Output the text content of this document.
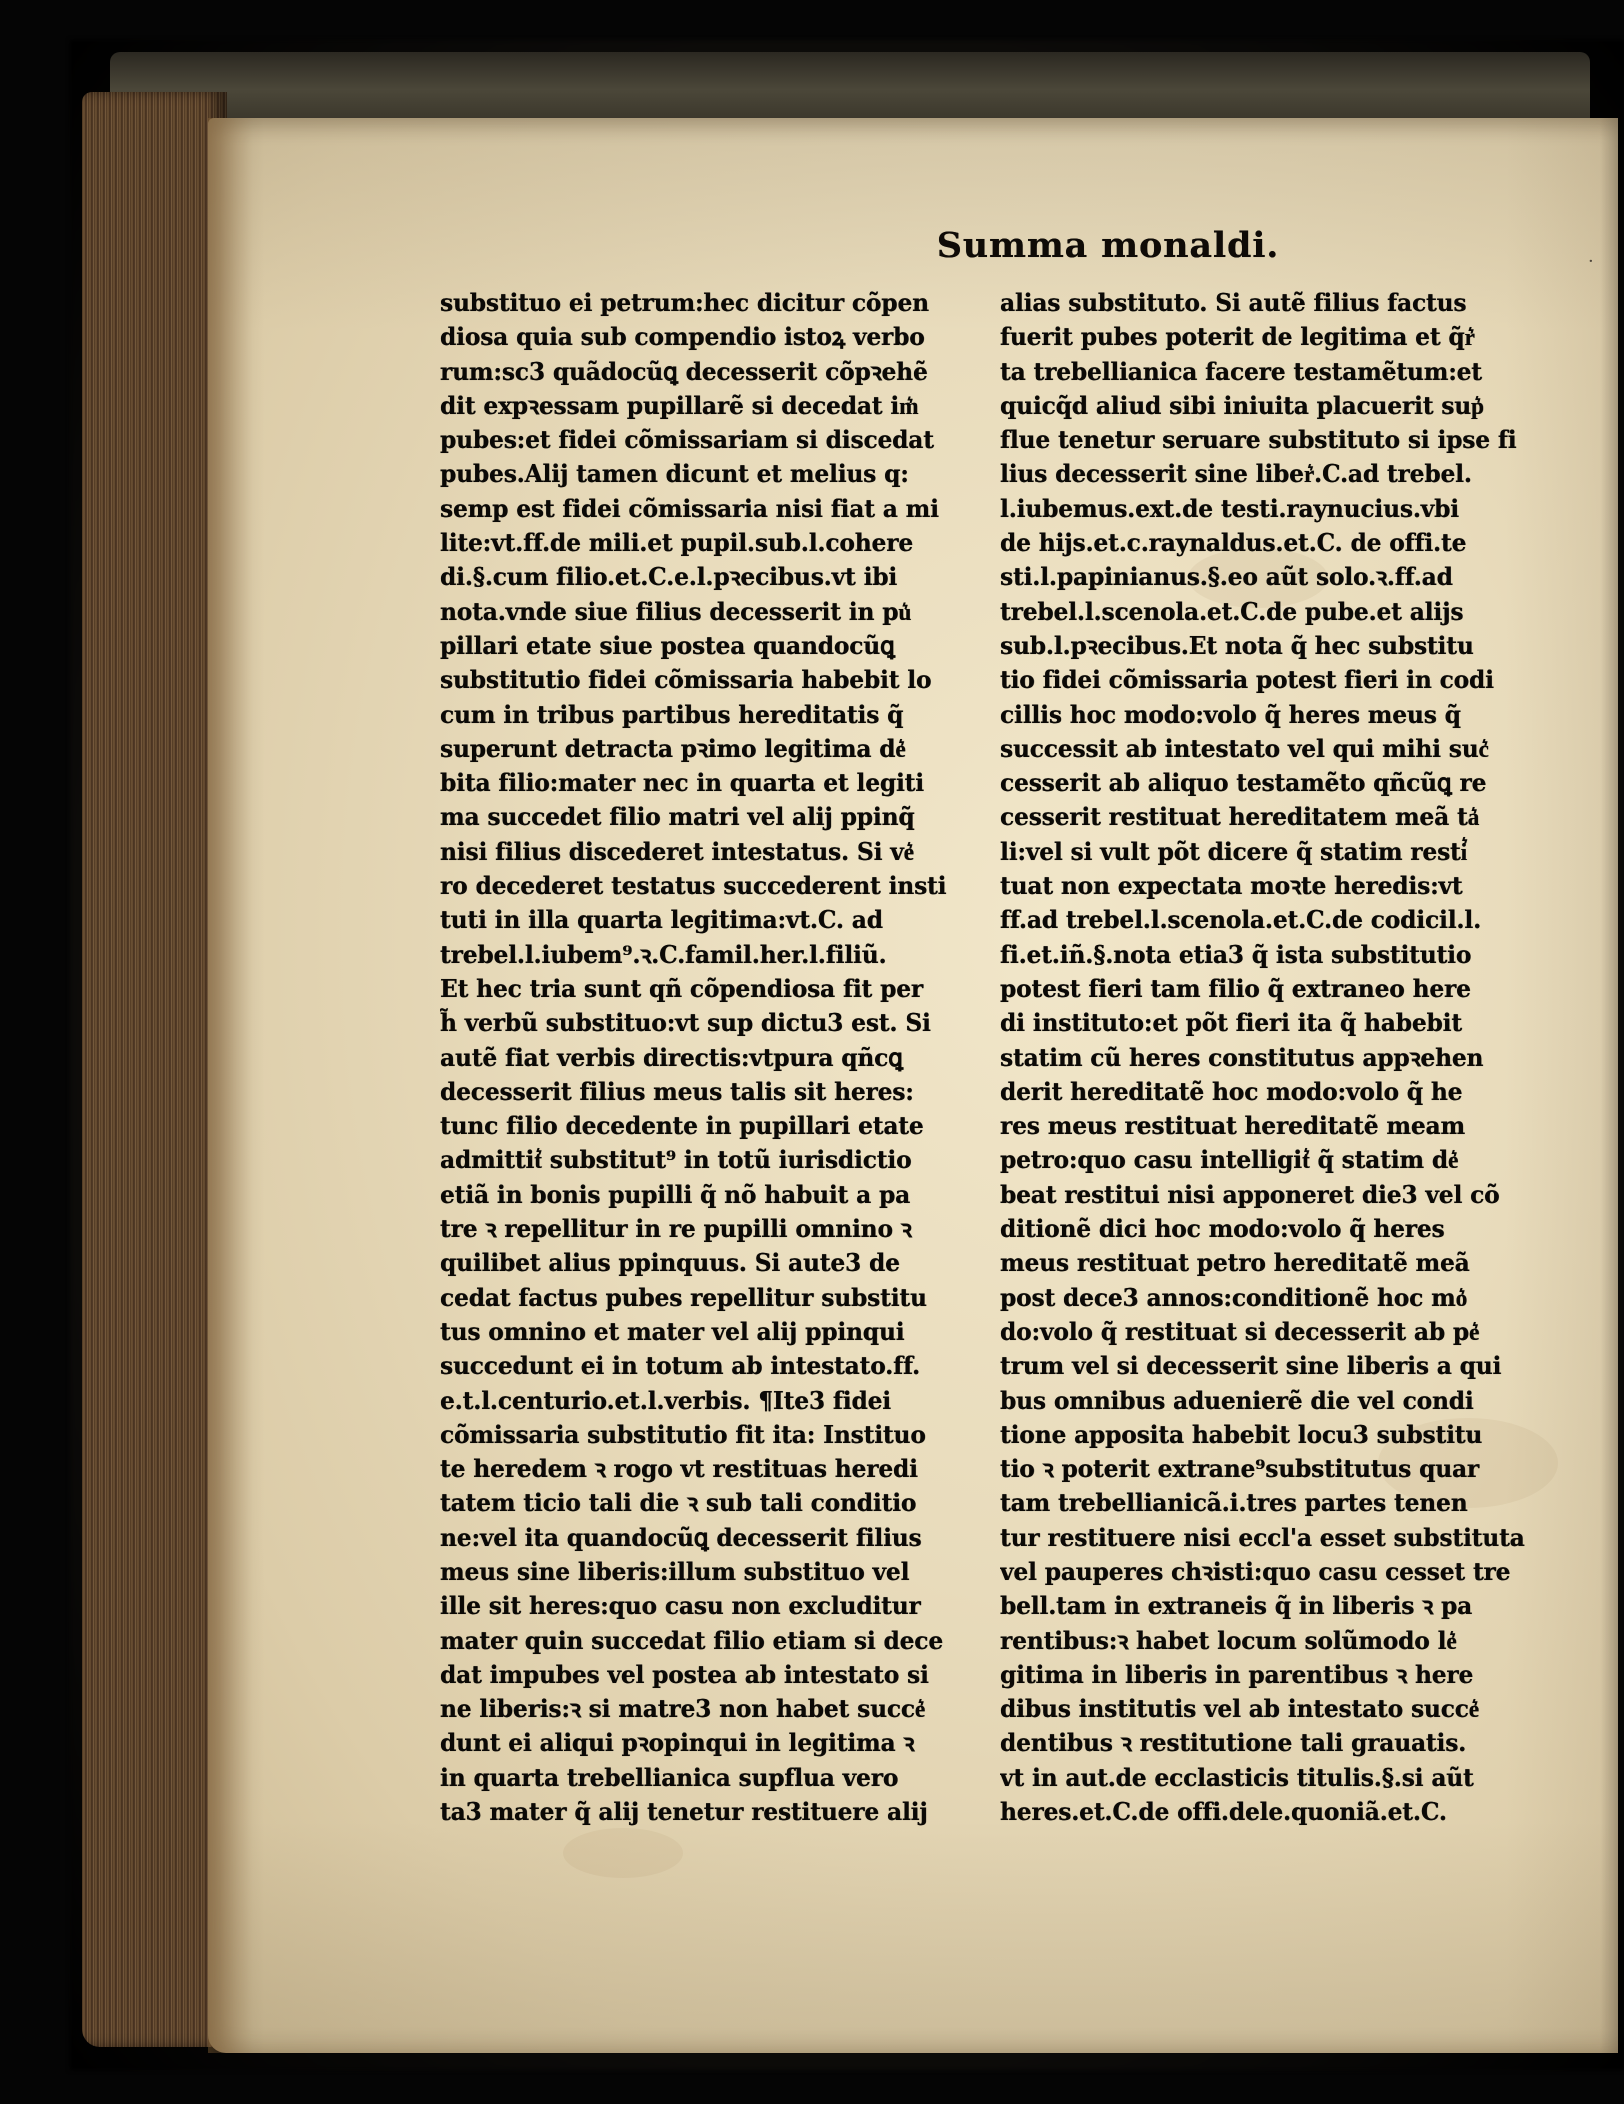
Summa monaldi.	·
substituo ei petrum:hec dicitur cõpen
diosa quia sub compendio istoꝝ verbo
rum:sc3 quãdocũꝗ decesserit cõpꝛehẽ
dit expꝛessam pupillarẽ si decedat im͛
pubes:et fidei cõmissariam si discedat
pubes.Alij tamen dicunt et melius q:
semp est fidei cõmissaria nisi fiat a mi
lite:vt.ff.de mili.et pupil.sub.l.cohere
di.§.cum filio.et.C.e.l.pꝛecibus.vt ibi
nota.vnde siue filius decesserit in pu͛
pillari etate siue postea quandocũꝗ
substitutio fidei cõmissaria habebit lo
cum in tribus partibus hereditatis q̃
superunt detracta pꝛimo legitima de͛
bita filio:mater nec in quarta et legiti
ma succedet filio matri vel alij ppinq̃
nisi filius discederet intestatus. Si ve͛
ro decederet testatus succederent insti
tuti in illa quarta legitima:vt.C. ad
trebel.l.iubem⁹.ꝛ.C.famil.her.l.filiũ.
Et hec tria sunt qñ cõpendiosa fit per
h̃ verbũ substituo:vt sup dictu3 est. Si
autẽ fiat verbis directis:vtpura qñcꝗ
decesserit filius meus talis sit heres:
tunc filio decedente in pupillari etate
admittit͛ substitut⁹ in totũ iurisdictio
etiã in bonis pupilli q̃ nõ habuit a pa
tre ꝛ repellitur in re pupilli omnino ꝛ
quilibet alius ppinquus. Si aute3 de
cedat factus pubes repellitur substitu
tus omnino et mater vel alij ppinqui
succedunt ei in totum ab intestato.ff.
e.t.l.centurio.et.l.verbis. ¶Ite3 fidei
cõmissaria substitutio fit ita: Instituo
te heredem ꝛ rogo vt restituas heredi
tatem ticio tali die ꝛ sub tali conditio
ne:vel ita quandocũꝗ decesserit filius
meus sine liberis:illum substituo vel
ille sit heres:quo casu non excluditur
mater quin succedat filio etiam si dece
dat impubes vel postea ab intestato si
ne liberis:ꝛ si matre3 non habet succe͛
dunt ei aliqui pꝛopinqui in legitima ꝛ
in quarta trebellianica supflua vero
ta3 mater q̃ alij tenetur restituere alij
alias substituto. Si autẽ filius factus
fuerit pubes poterit de legitima et q̃r͛
ta trebellianica facere testamẽtum:et
quicq̃d aliud sibi iniuita placuerit sup͛
flue tenetur seruare substituto si ipse fi
lius decesserit sine liber͛.C.ad trebel.
l.iubemus.ext.de testi.raynucius.vbi
de hijs.et.c.raynaldus.et.C. de offi.te
sti.l.papinianus.§.eo aũt solo.ꝛ.ff.ad
trebel.l.scenola.et.C.de pube.et alijs
sub.l.pꝛecibus.Et nota q̃ hec substitu
tio fidei cõmissaria potest fieri in codi
cillis hoc modo:volo q̃ heres meus q̃
successit ab intestato vel qui mihi suc͛
cesserit ab aliquo testamẽto qñcũꝗ re
cesserit restituat hereditatem meã ta͛
li:vel si vult põt dicere q̃ statim resti͛
tuat non expectata moꝛte heredis:vt
ff.ad trebel.l.scenola.et.C.de codicil.l.
fi.et.iñ.§.nota etia3 q̃ ista substitutio
potest fieri tam filio q̃ extraneo here
di instituto:et põt fieri ita q̃ habebit
statim cũ heres constitutus appꝛehen
derit hereditatẽ hoc modo:volo q̃ he
res meus restituat hereditatẽ meam
petro:quo casu intelligit͛ q̃ statim de͛
beat restitui nisi apponeret die3 vel cõ
ditionẽ dici hoc modo:volo q̃ heres
meus restituat petro hereditatẽ meã
post dece3 annos:conditionẽ hoc mo͛
do:volo q̃ restituat si decesserit ab pe͛
trum vel si decesserit sine liberis a qui
bus omnibus aduenierẽ die vel condi
tione apposita habebit locu3 substitu
tio ꝛ poterit extrane⁹substitutus quar
tam trebellianicã.i.tres partes tenen
tur restituere nisi eccl'a esset substituta
vel pauperes chꝛisti:quo casu cesset tre
bell.tam in extraneis q̃ in liberis ꝛ pa
rentibus:ꝛ habet locum solũmodo le͛
gitima in liberis in parentibus ꝛ here
dibus institutis vel ab intestato succe͛
dentibus ꝛ restitutione tali grauatis.
vt in aut.de ecclasticis titulis.§.si aũt
heres.et.C.de offi.dele.quoniã.et.C.
